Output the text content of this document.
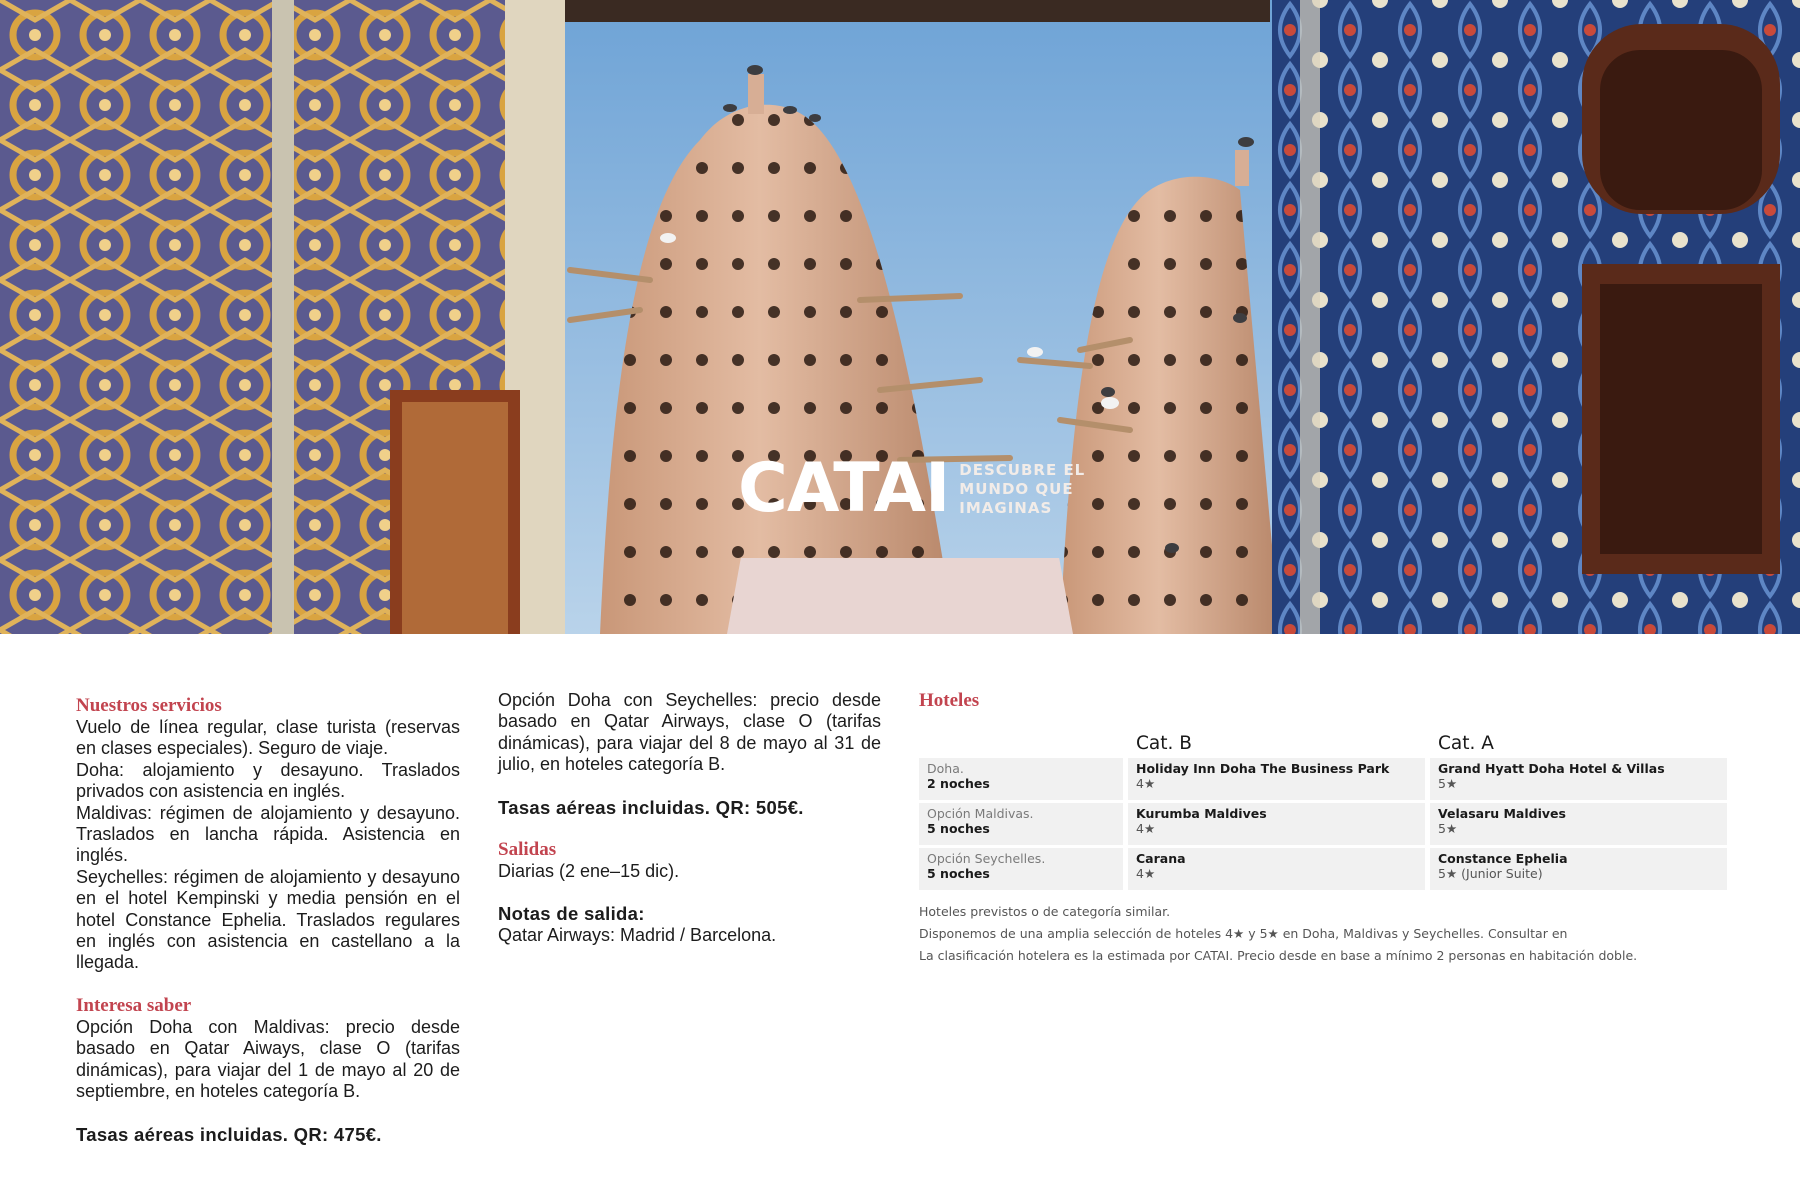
CATAI DESCUBRE EL
MUNDO QUE
IMAGINAS
Nuestros servicios
Vuelo de línea regular, clase turista (reservas en clases especiales). Seguro de viaje.
Doha: alojamiento y desayuno. Traslados privados con asistencia en inglés.
Maldivas: régimen de alojamiento y desayuno. Traslados en lancha rápida. Asistencia en inglés.
Seychelles: régimen de alojamiento y desayuno en el hotel Kempinski y media pensión en el hotel Constance Ephelia. Traslados regulares en inglés con asistencia en castellano a la llegada.
Interesa saber
Opción Doha con Maldivas: precio desde basado en Qatar Aiways, clase O (tarifas dinámicas), para viajar del 1 de mayo al 20 de septiembre, en hoteles categoría B.
Tasas aéreas incluidas. QR: 475€.
Opción Doha con Seychelles: precio desde basado en Qatar Airways, clase O (tarifas dinámicas), para viajar del 8 de mayo al 31 de julio, en hoteles categoría B.
Tasas aéreas incluidas. QR: 505€.
Salidas
Diarias (2 ene–15 dic).
Notas de salida:
Qatar Airways: Madrid / Barcelona.
Hoteles
Cat. B	Cat. A
Doha.
2 noches
Holiday Inn Doha The Business Park
4★
Grand Hyatt Doha Hotel & Villas
5★
Opción Maldivas.
5 noches
Kurumba Maldives
4★
Velasaru Maldives
5★
Opción Seychelles.
5 noches
Carana
4★
Constance Ephelia
5★ (Junior Suite)
Hoteles previstos o de categoría similar.
Disponemos de una amplia selección de hoteles 4★ y 5★ en Doha, Maldivas y Seychelles. Consultar en
La clasificación hotelera es la estimada por CATAI. Precio desde en base a mínimo 2 personas en habitación doble.
